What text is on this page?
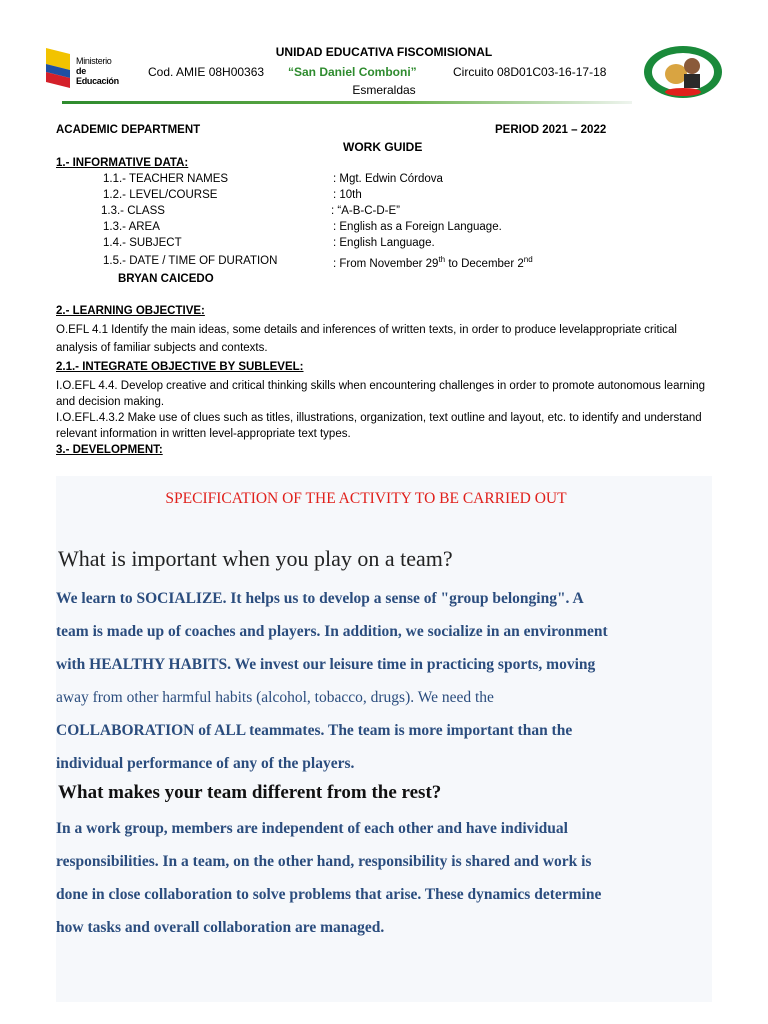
Ministerio
de Educación
UNIDAD EDUCATIVA FISCOMISIONAL
Cod. AMIE 08H00363 “San Daniel Comboni”	Circuito 08D01C03-16-17-18
Esmeraldas
ACADEMIC DEPARTMENT	PERIOD 2021 – 2022
WORK GUIDE
1.- INFORMATIVE DATA:
1.1.- TEACHER NAMES	: Mgt. Edwin Córdova
1.2.- LEVEL/COURSE	: 10th
1.3.- CLASS	: “A-B-C-D-E”
1.3.- AREA	: English as a Foreign Language.
1.4.- SUBJECT	: English Language.
1.5.- DATE / TIME OF DURATION	: From November 29th to December 2nd
BRYAN CAICEDO
2.- LEARNING OBJECTIVE:
O.EFL 4.1 Identify the main ideas, some details and inferences of written texts, in order to produce levelappropriate critical analysis of familiar subjects and contexts.
2.1.- INTEGRATE OBJECTIVE BY SUBLEVEL:
I.O.EFL 4.4. Develop creative and critical thinking skills when encountering challenges in order to promote autonomous learning and decision making.
I.O.EFL.4.3.2 Make use of clues such as titles, illustrations, organization, text outline and layout, etc. to identify and understand relevant information in written level-appropriate text types.
3.- DEVELOPMENT:
SPECIFICATION OF THE ACTIVITY TO BE CARRIED OUT
What is important when you play on a team?
We learn to SOCIALIZE. It helps us to develop a sense of "group belonging". A
team is made up of coaches and players. In addition, we socialize in an environment
with HEALTHY HABITS. We invest our leisure time in practicing sports, moving
away from other harmful habits (alcohol, tobacco, drugs). We need the
COLLABORATION of ALL teammates. The team is more important than the
individual performance of any of the players.
What makes your team different from the rest?
In a work group, members are independent of each other and have individual
responsibilities. In a team, on the other hand, responsibility is shared and work is
done in close collaboration to solve problems that arise. These dynamics determine
how tasks and overall collaboration are managed.
